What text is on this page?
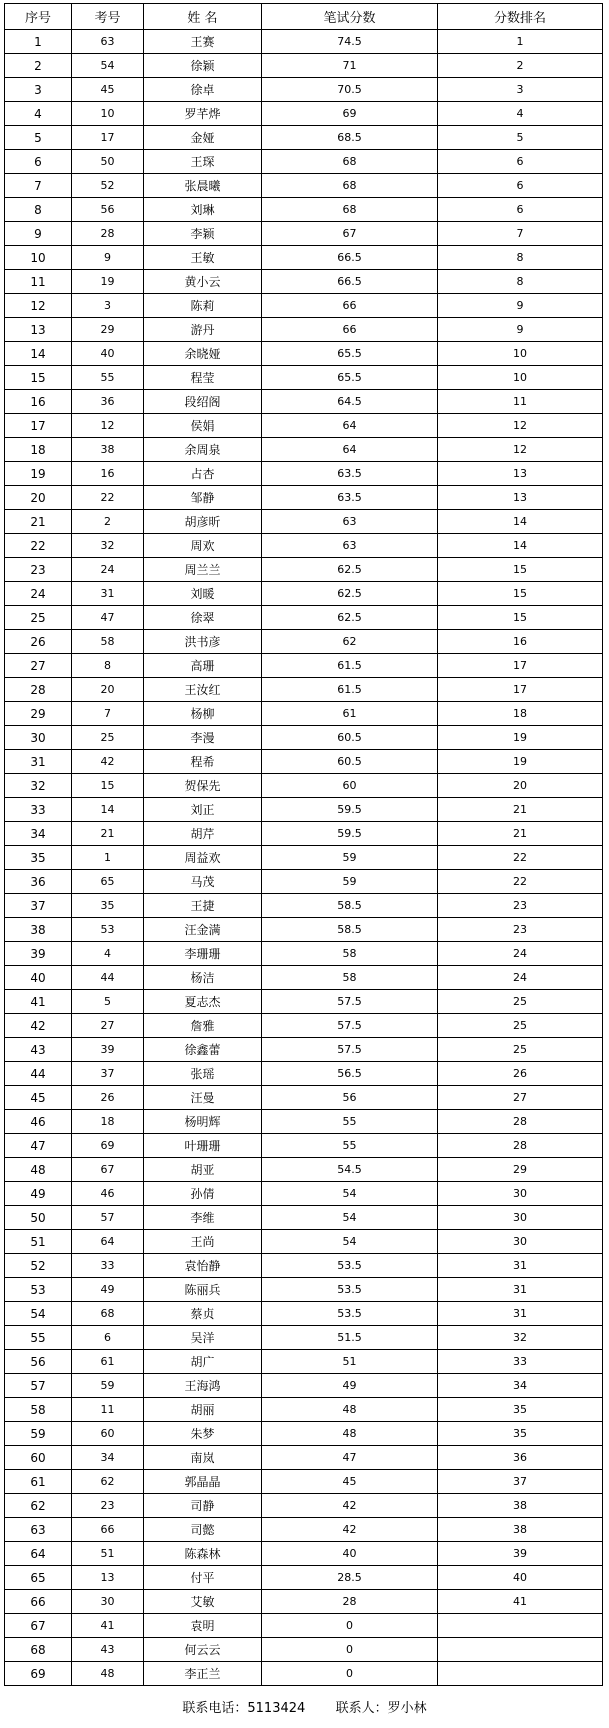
序号	考号	姓 名	笔试分数	分数排名
1	63	王赛	74.5	1
2	54	徐颖	71	2
3	45	徐卓	70.5	3
4	10	罗芊烨	69	4
5	17	金娅	68.5	5
6	50	王琛	68	6
7	52	张晨曦	68	6
8	56	刘琳	68	6
9	28	李颖	67	7
10	9	王敏	66.5	8
11	19	黄小云	66.5	8
12	3	陈莉	66	9
13	29	游丹	66	9
14	40	余晓娅	65.5	10
15	55	程莹	65.5	10
16	36	段绍阁	64.5	11
17	12	侯娟	64	12
18	38	余周泉	64	12
19	16	占杏	63.5	13
20	22	邹静	63.5	13
21	2	胡彦昕	63	14
22	32	周欢	63	14
23	24	周兰兰	62.5	15
24	31	刘暖	62.5	15
25	47	徐翠	62.5	15
26	58	洪书彦	62	16
27	8	高珊	61.5	17
28	20	王汝红	61.5	17
29	7	杨柳	61	18
30	25	李漫	60.5	19
31	42	程希	60.5	19
32	15	贺保先	60	20
33	14	刘正	59.5	21
34	21	胡芹	59.5	21
35	1	周益欢	59	22
36	65	马茂	59	22
37	35	王捷	58.5	23
38	53	汪金满	58.5	23
39	4	李珊珊	58	24
40	44	杨洁	58	24
41	5	夏志杰	57.5	25
42	27	詹雅	57.5	25
43	39	徐鑫蕾	57.5	25
44	37	张瑶	56.5	26
45	26	汪曼	56	27
46	18	杨明辉	55	28
47	69	叶珊珊	55	28
48	67	胡亚	54.5	29
49	46	孙倩	54	30
50	57	李维	54	30
51	64	王尚	54	30
52	33	袁怡静	53.5	31
53	49	陈丽兵	53.5	31
54	68	蔡贞	53.5	31
55	6	吴洋	51.5	32
56	61	胡广	51	33
57	59	王海鸿	49	34
58	11	胡丽	48	35
59	60	朱梦	48	35
60	34	南岚	47	36
61	62	郭晶晶	45	37
62	23	司静	42	38
63	66	司懿	42	38
64	51	陈森林	40	39
65	13	付平	28.5	40
66	30	艾敏	28	41
67	41	袁明	0	
68	43	何云云	0	
69	48	李正兰	0	
联系电话：5113424 联系人：罗小林
